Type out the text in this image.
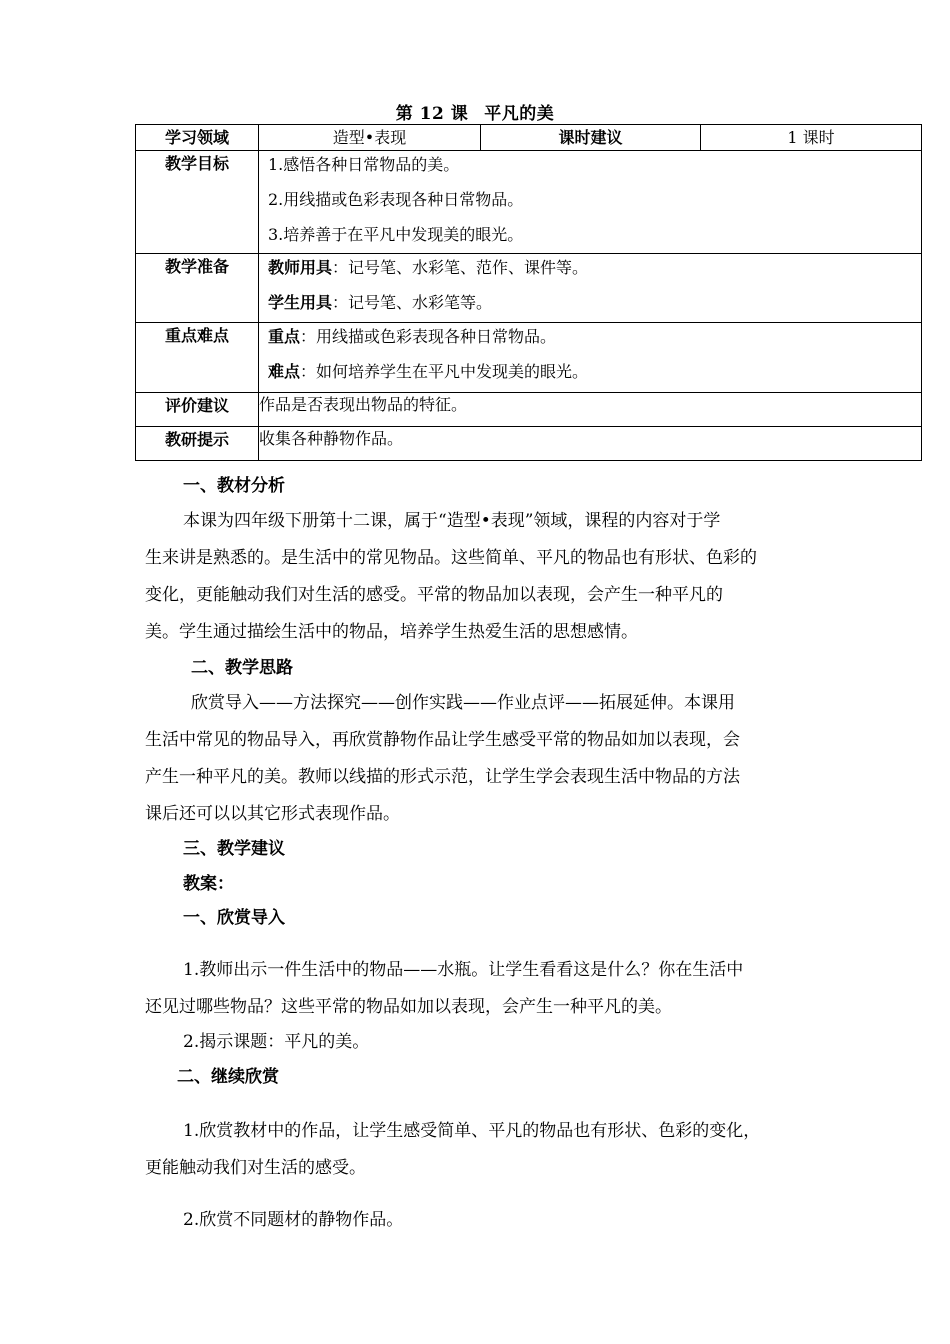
第 12 课 平凡的美
学习领域	造型•表现	课时建议	1 课时
教学目标	1.感悟各种日常物品的美。
2.用线描或色彩表现各种日常物品。
3.培养善于在平凡中发现美的眼光。		

教学准备	教师用具：记号笔、水彩笔、范作、课件等。
学生用具：记号笔、水彩笔等。		

重点难点	重点：用线描或色彩表现各种日常物品。
难点：如何培养学生在平凡中发现美的眼光。		

评价建议	作品是否表现出物品的特征。		
教研提示	收集各种静物作品。		
一、教材分析
本课为四年级下册第十二课，属于“造型•表现”领域，课程的内容对于学
生来讲是熟悉的。是生活中的常见物品。这些简单、平凡的物品也有形状、色彩的
变化，更能触动我们对生活的感受。平常的物品加以表现，会产生一种平凡的
美。学生通过描绘生活中的物品，培养学生热爱生活的思想感情。
二、教学思路
欣赏导入——方法探究——创作实践——作业点评——拓展延伸。本课用
生活中常见的物品导入，再欣赏静物作品让学生感受平常的物品如加以表现，会
产生一种平凡的美。教师以线描的形式示范，让学生学会表现生活中物品的方法
课后还可以以其它形式表现作品。
三、教学建议
教案：
一、欣赏导入
1.教师出示一件生活中的物品——水瓶。让学生看看这是什么？你在生活中
还见过哪些物品？这些平常的物品如加以表现，会产生一种平凡的美。
2.揭示课题：平凡的美。
二、继续欣赏
1.欣赏教材中的作品，让学生感受简单、平凡的物品也有形状、色彩的变化，
更能触动我们对生活的感受。
2.欣赏不同题材的静物作品。
